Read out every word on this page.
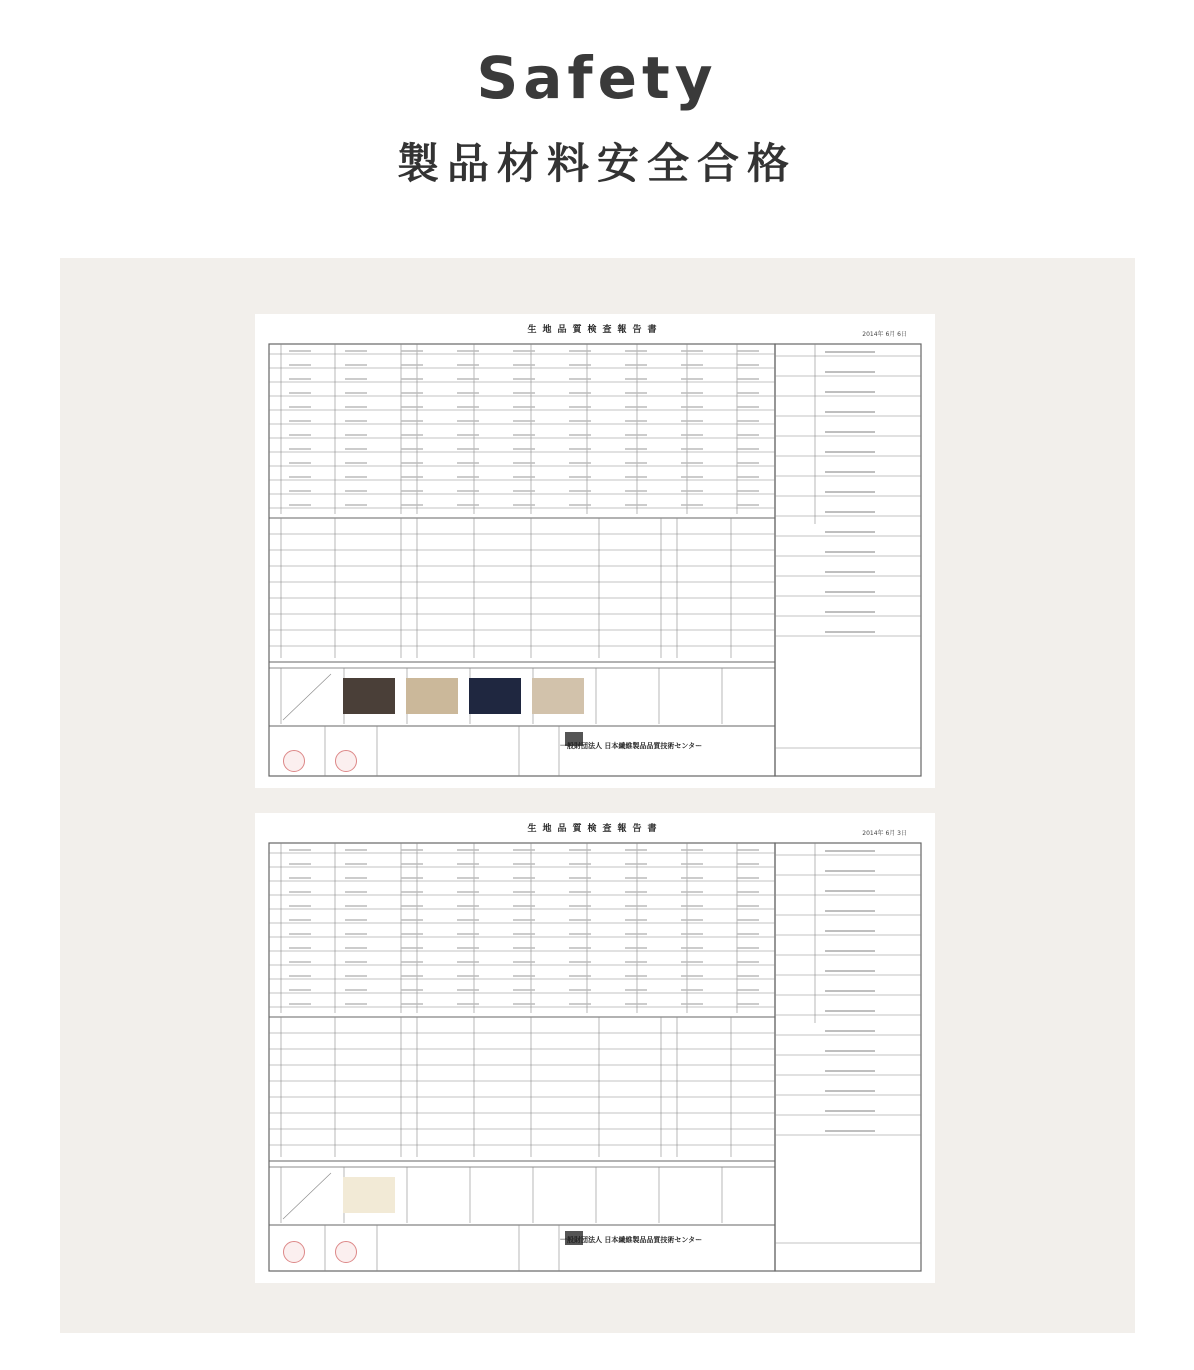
Safety
製品材料安全合格
生地品質検査報告書	2014年 6月 6日
一般財団法人 日本繊維製品品質技術センター
生地品質検査報告書	2014年 6月 3日
一般財団法人 日本繊維製品品質技術センター
